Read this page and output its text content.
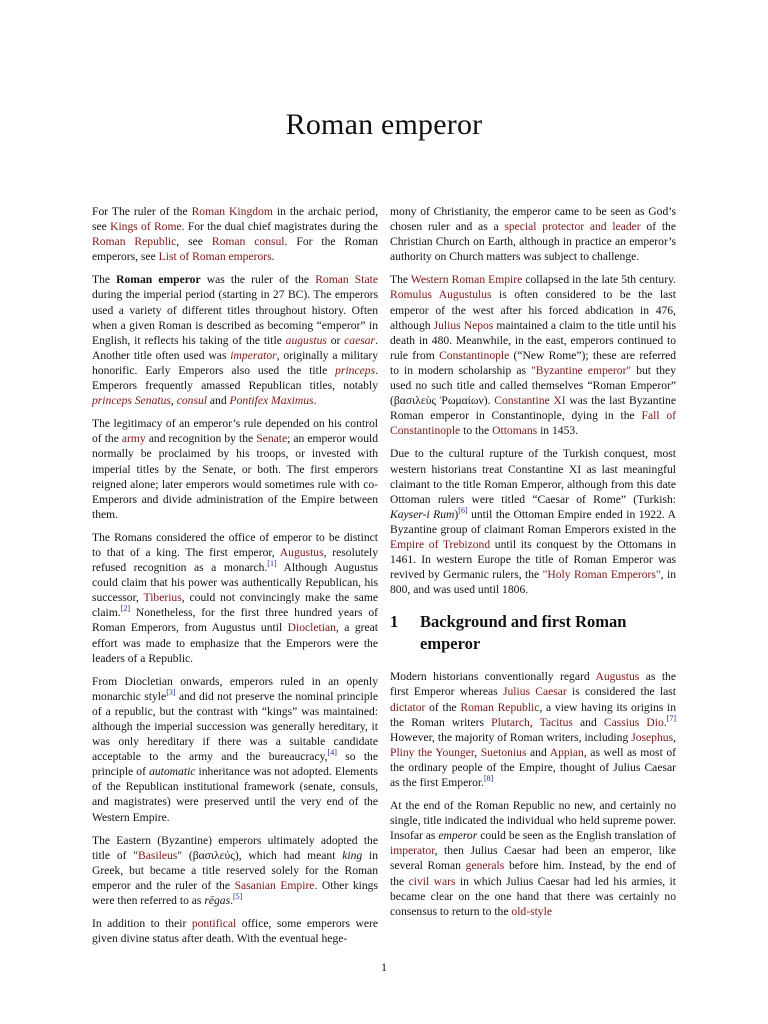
Roman emperor

For The ruler of the Roman Kingdom in the archaic period, see Kings of Rome. For the dual chief magistrates during the Roman Republic, see Roman consul. For the Roman emperors, see List of Roman emperors.

The Roman emperor was the ruler of the Roman State during the imperial period (starting in 27 BC). The emperors used a variety of different titles throughout history. Often when a given Roman is described as becoming “emperor” in English, it reflects his taking of the title augustus or caesar. Another title often used was imperator, originally a military honorific. Early Emperors also used the title princeps. Emperors frequently amassed Republican titles, notably princeps Senatus, consul and Pontifex Maximus.

The legitimacy of an emperor’s rule depended on his control of the army and recognition by the Senate; an emperor would normally be proclaimed by his troops, or invested with imperial titles by the Senate, or both. The first emperors reigned alone; later emperors would sometimes rule with co-Emperors and divide administration of the Empire between them.

The Romans considered the office of emperor to be distinct to that of a king. The first emperor, Augustus, resolutely refused recognition as a monarch.[1] Although Augustus could claim that his power was authentically Republican, his successor, Tiberius, could not convincingly make the same claim.[2] Nonetheless, for the first three hundred years of Roman Emperors, from Augustus until Diocletian, a great effort was made to emphasize that the Emperors were the leaders of a Republic.

From Diocletian onwards, emperors ruled in an openly monarchic style[3] and did not preserve the nominal principle of a republic, but the contrast with “kings” was maintained: although the imperial succession was generally hereditary, it was only hereditary if there was a suitable candidate acceptable to the army and the bureaucracy,[4] so the principle of automatic inheritance was not adopted. Elements of the Republican institutional framework (senate, consuls, and magistrates) were preserved until the very end of the Western Empire.

The Eastern (Byzantine) emperors ultimately adopted the title of "Basileus" (βασιλεύς), which had meant king in Greek, but became a title reserved solely for the Roman emperor and the ruler of the Sasanian Empire. Other kings were then referred to as rēgas.[5]

In addition to their pontifical office, some emperors were given divine status after death. With the eventual hege-

mony of Christianity, the emperor came to be seen as God’s chosen ruler and as a special protector and leader of the Christian Church on Earth, although in practice an emperor’s authority on Church matters was subject to challenge.

The Western Roman Empire collapsed in the late 5th century. Romulus Augustulus is often considered to be the last emperor of the west after his forced abdication in 476, although Julius Nepos maintained a claim to the title until his death in 480. Meanwhile, in the east, emperors continued to rule from Constantinople (“New Rome”); these are referred to in modern scholarship as "Byzantine emperor" but they used no such title and called themselves “Roman Emperor” (βασιλεὺς Ῥωμαίων). Constantine XI was the last Byzantine Roman emperor in Constantinople, dying in the Fall of Constantinople to the Ottomans in 1453.

Due to the cultural rupture of the Turkish conquest, most western historians treat Constantine XI as last meaningful claimant to the title Roman Emperor, although from this date Ottoman rulers were titled “Caesar of Rome” (Turkish: Kayser-i Rum)[6] until the Ottoman Empire ended in 1922. A Byzantine group of claimant Roman Emperors existed in the Empire of Trebizond until its conquest by the Ottomans in 1461. In western Europe the title of Roman Emperor was revived by Germanic rulers, the "Holy Roman Emperors", in 800, and was used until 1806.

1	Background and first Roman emperor

Modern historians conventionally regard Augustus as the first Emperor whereas Julius Caesar is considered the last dictator of the Roman Republic, a view having its origins in the Roman writers Plutarch, Tacitus and Cassius Dio.[7] However, the majority of Roman writers, including Josephus, Pliny the Younger, Suetonius and Appian, as well as most of the ordinary people of the Empire, thought of Julius Caesar as the first Emperor.[8]

At the end of the Roman Republic no new, and certainly no single, title indicated the individual who held supreme power. Insofar as emperor could be seen as the English translation of imperator, then Julius Caesar had been an emperor, like several Roman generals before him. Instead, by the end of the civil wars in which Julius Caesar had led his armies, it became clear on the one hand that there was certainly no consensus to return to the old-style

1
